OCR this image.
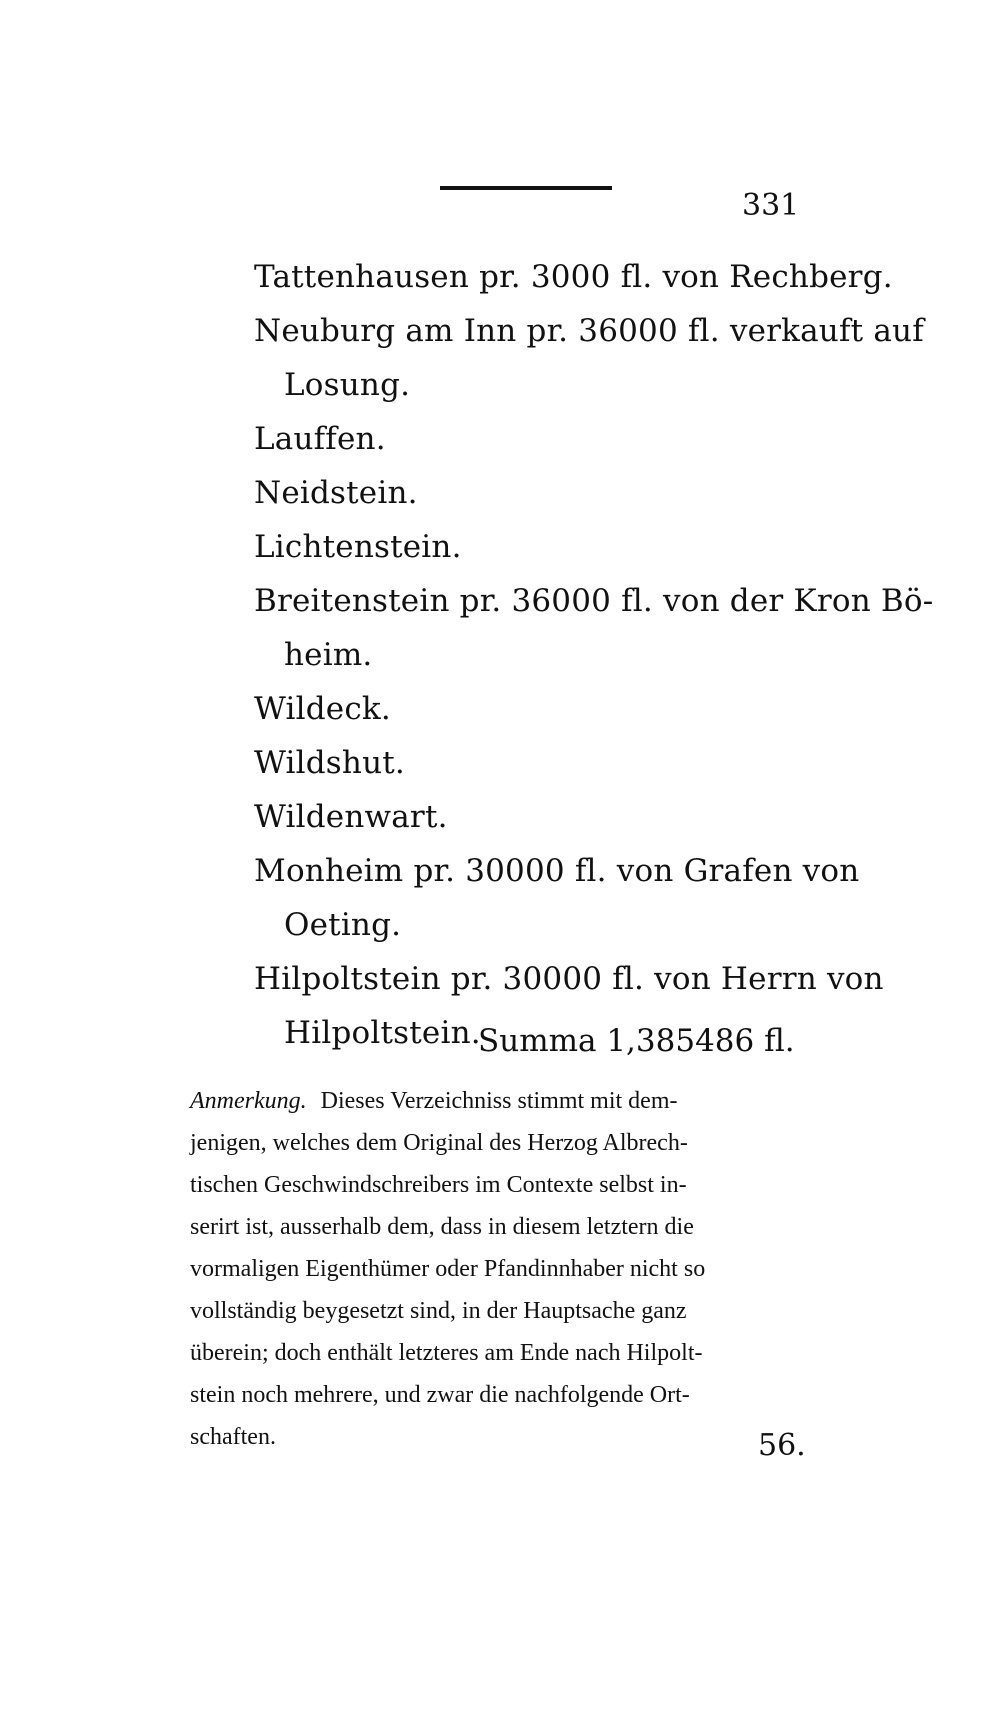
331
Tattenhausen pr. 3000 fl. von Rechberg.
Neuburg am Inn pr. 36000 fl. verkauft auf
Losung.
Lauffen.
Neidstein.
Lichtenstein.
Breitenstein pr. 36000 fl. von der Kron Bö-
heim.
Wildeck.
Wildshut.
Wildenwart.
Monheim pr. 30000 fl. von Grafen von
Oeting.
Hilpoltstein pr. 30000 fl. von Herrn von
Hilpoltstein.
Summa 1,385486 fl.
Anmerkung. Dieses Verzeichniss stimmt mit dem-
jenigen, welches dem Original des Herzog Albrech-
tischen Geschwindschreibers im Contexte selbst in-
serirt ist, ausserhalb dem, dass in diesem letztern die
vormaligen Eigenthümer oder Pfandinnhaber nicht so
vollständig beygesetzt sind, in der Hauptsache ganz
überein; doch enthält letzteres am Ende nach Hilpolt-
stein noch mehrere, und zwar die nachfolgende Ort-
schaften.	56.
